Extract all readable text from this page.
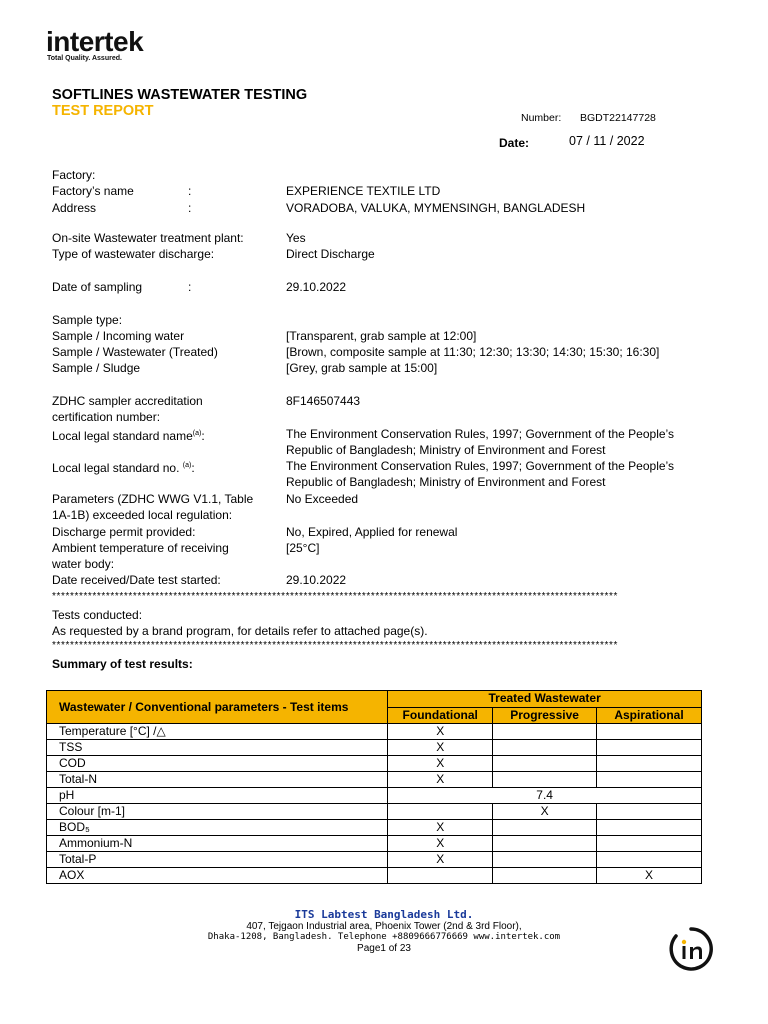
intertek
Total Quality. Assured.
SOFTLINES WASTEWATER TESTING
TEST REPORT	Number: BGDT22147728
Date:	07 / 11 / 2022
Factory:
Factory’s name	:	EXPERIENCE TEXTILE LTD
Address	:	VORADOBA, VALUKA, MYMENSINGH, BANGLADESH
On-site Wastewater treatment plant:	Yes
Type of wastewater discharge:	Direct Discharge
Date of sampling	:	29.10.2022
Sample type:
Sample / Incoming water	[Transparent, grab sample at 12:00]
Sample / Wastewater (Treated)	[Brown, composite sample at 11:30; 12:30; 13:30; 14:30; 15:30; 16:30]
Sample / Sludge	[Grey, grab sample at 15:00]
ZDHC sampler accreditation	8F146507443
certification number:
Local legal standard name$^{(a)}$:	The Environment Conservation Rules, 1997; Government of the People’s
Republic of Bangladesh; Ministry of Environment and Forest
Local legal standard no. $^{(a)}$:	The Environment Conservation Rules, 1997; Government of the People’s
Republic of Bangladesh; Ministry of Environment and Forest
Parameters (ZDHC WWG V1.1, Table	No Exceeded
1A-1B) exceeded local regulation:
Discharge permit provided:	No, Expired, Applied for renewal
Ambient temperature of receiving	[25°C]
water body:
Date received/Date test started:	29.10.2022
******************************************************************************************************************************
Tests conducted:
As requested by a brand program, for details refer to attached page(s).
******************************************************************************************************************************
Summary of test results:
Wastewater / Conventional parameters - Test items	Treated Wastewater		
	Foundational	Progressive	Aspirational
Temperature [°C] /△	X		
TSS	X		
COD	X		
Total-N	X		
pH	7.4		
Colour [m-1]		X	
BOD₅	X		
Ammonium-N	X		
Total-P	X		
AOX			X
ITS Labtest Bangladesh Ltd.
407, Tejgaon Industrial area, Phoenix Tower (2nd & 3rd Floor),
Dhaka-1208, Bangladesh. Telephone +8809666776669 www.intertek.com
Page1 of 23
